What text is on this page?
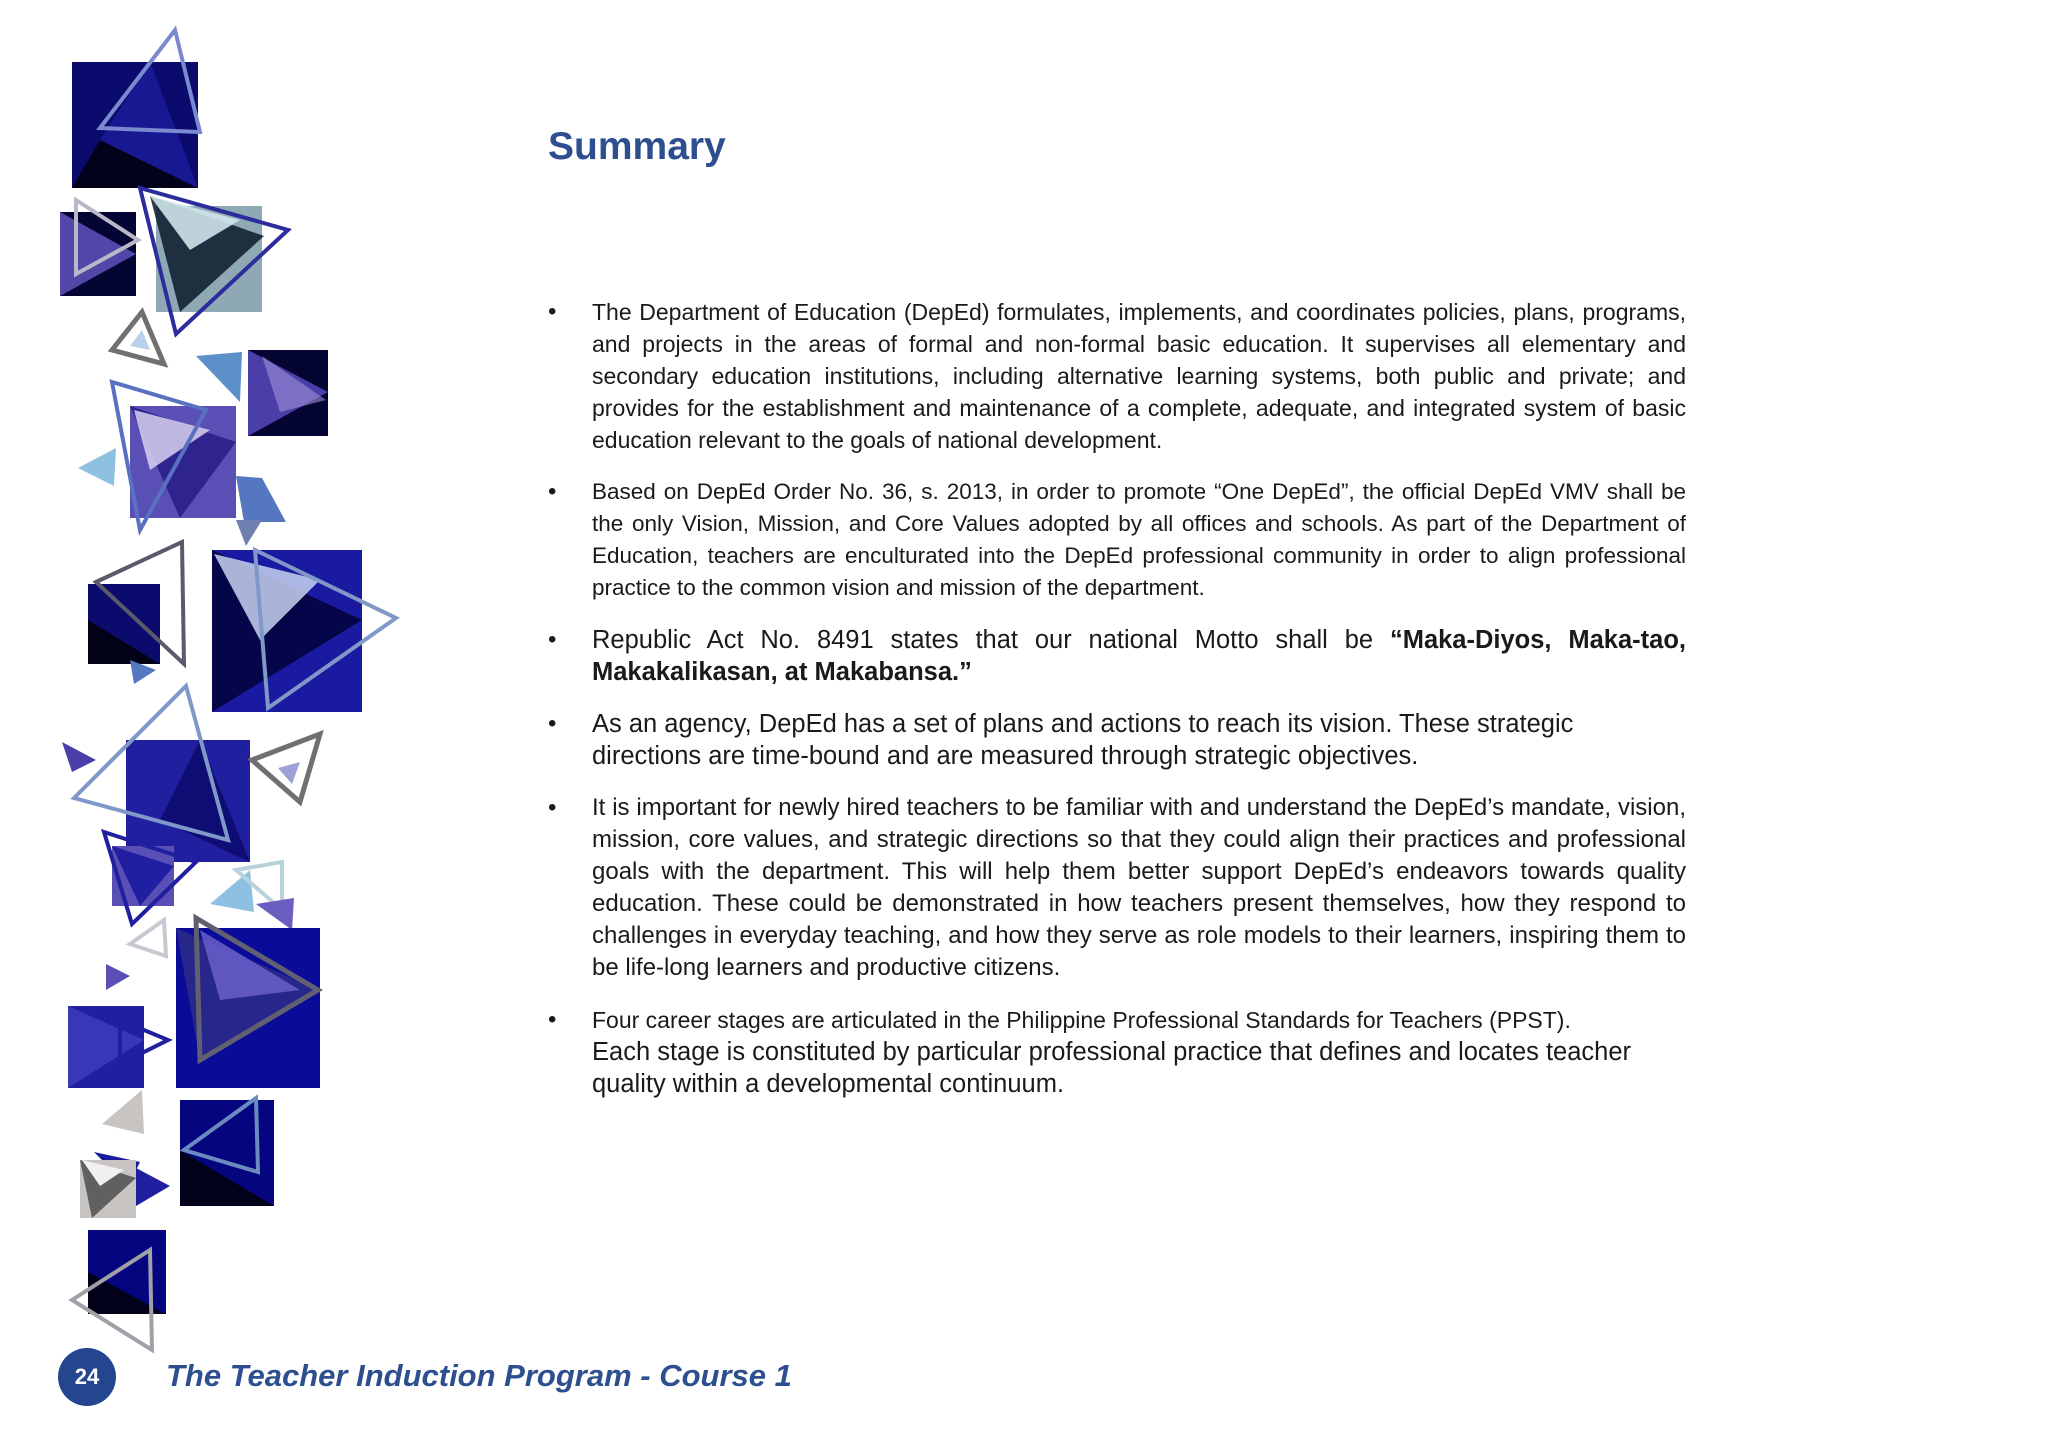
Summary
• The Department of Education (DepEd) formulates, implements, and coordinates policies, plans, programs, and projects in the areas of formal and non-formal basic education. It supervises all elementary and secondary education institutions, including alternative learning systems, both public and private; and provides for the establishment and maintenance of a complete, adequate, and integrated system of basic education relevant to the goals of national development.
• Based on DepEd Order No. 36, s. 2013, in order to promote “One DepEd”, the official DepEd VMV shall be the only Vision, Mission, and Core Values adopted by all offices and schools. As part of the Department of Education, teachers are enculturated into the DepEd professional community in order to align professional practice to the common vision and mission of the department.
• Republic Act No. 8491 states that our national Motto shall be “Maka-Diyos, Maka-tao, Makakalikasan, at Makabansa.”
• As an agency, DepEd has a set of plans and actions to reach its vision. These strategic directions are time-bound and are measured through strategic objectives.
• It is important for newly hired teachers to be familiar with and understand the DepEd’s mandate, vision, mission, core values, and strategic directions so that they could align their practices and professional goals with the department. This will help them better support DepEd’s endeavors towards quality education. These could be demonstrated in how teachers present themselves, how they respond to challenges in everyday teaching, and how they serve as role models to their learners, inspiring them to be life-long learners and productive citizens.
• Four career stages are articulated in the Philippine Professional Standards for Teachers (PPST).
Each stage is constituted by particular professional practice that defines and locates teacher quality within a developmental continuum.
24	The Teacher Induction Program - Course 1
